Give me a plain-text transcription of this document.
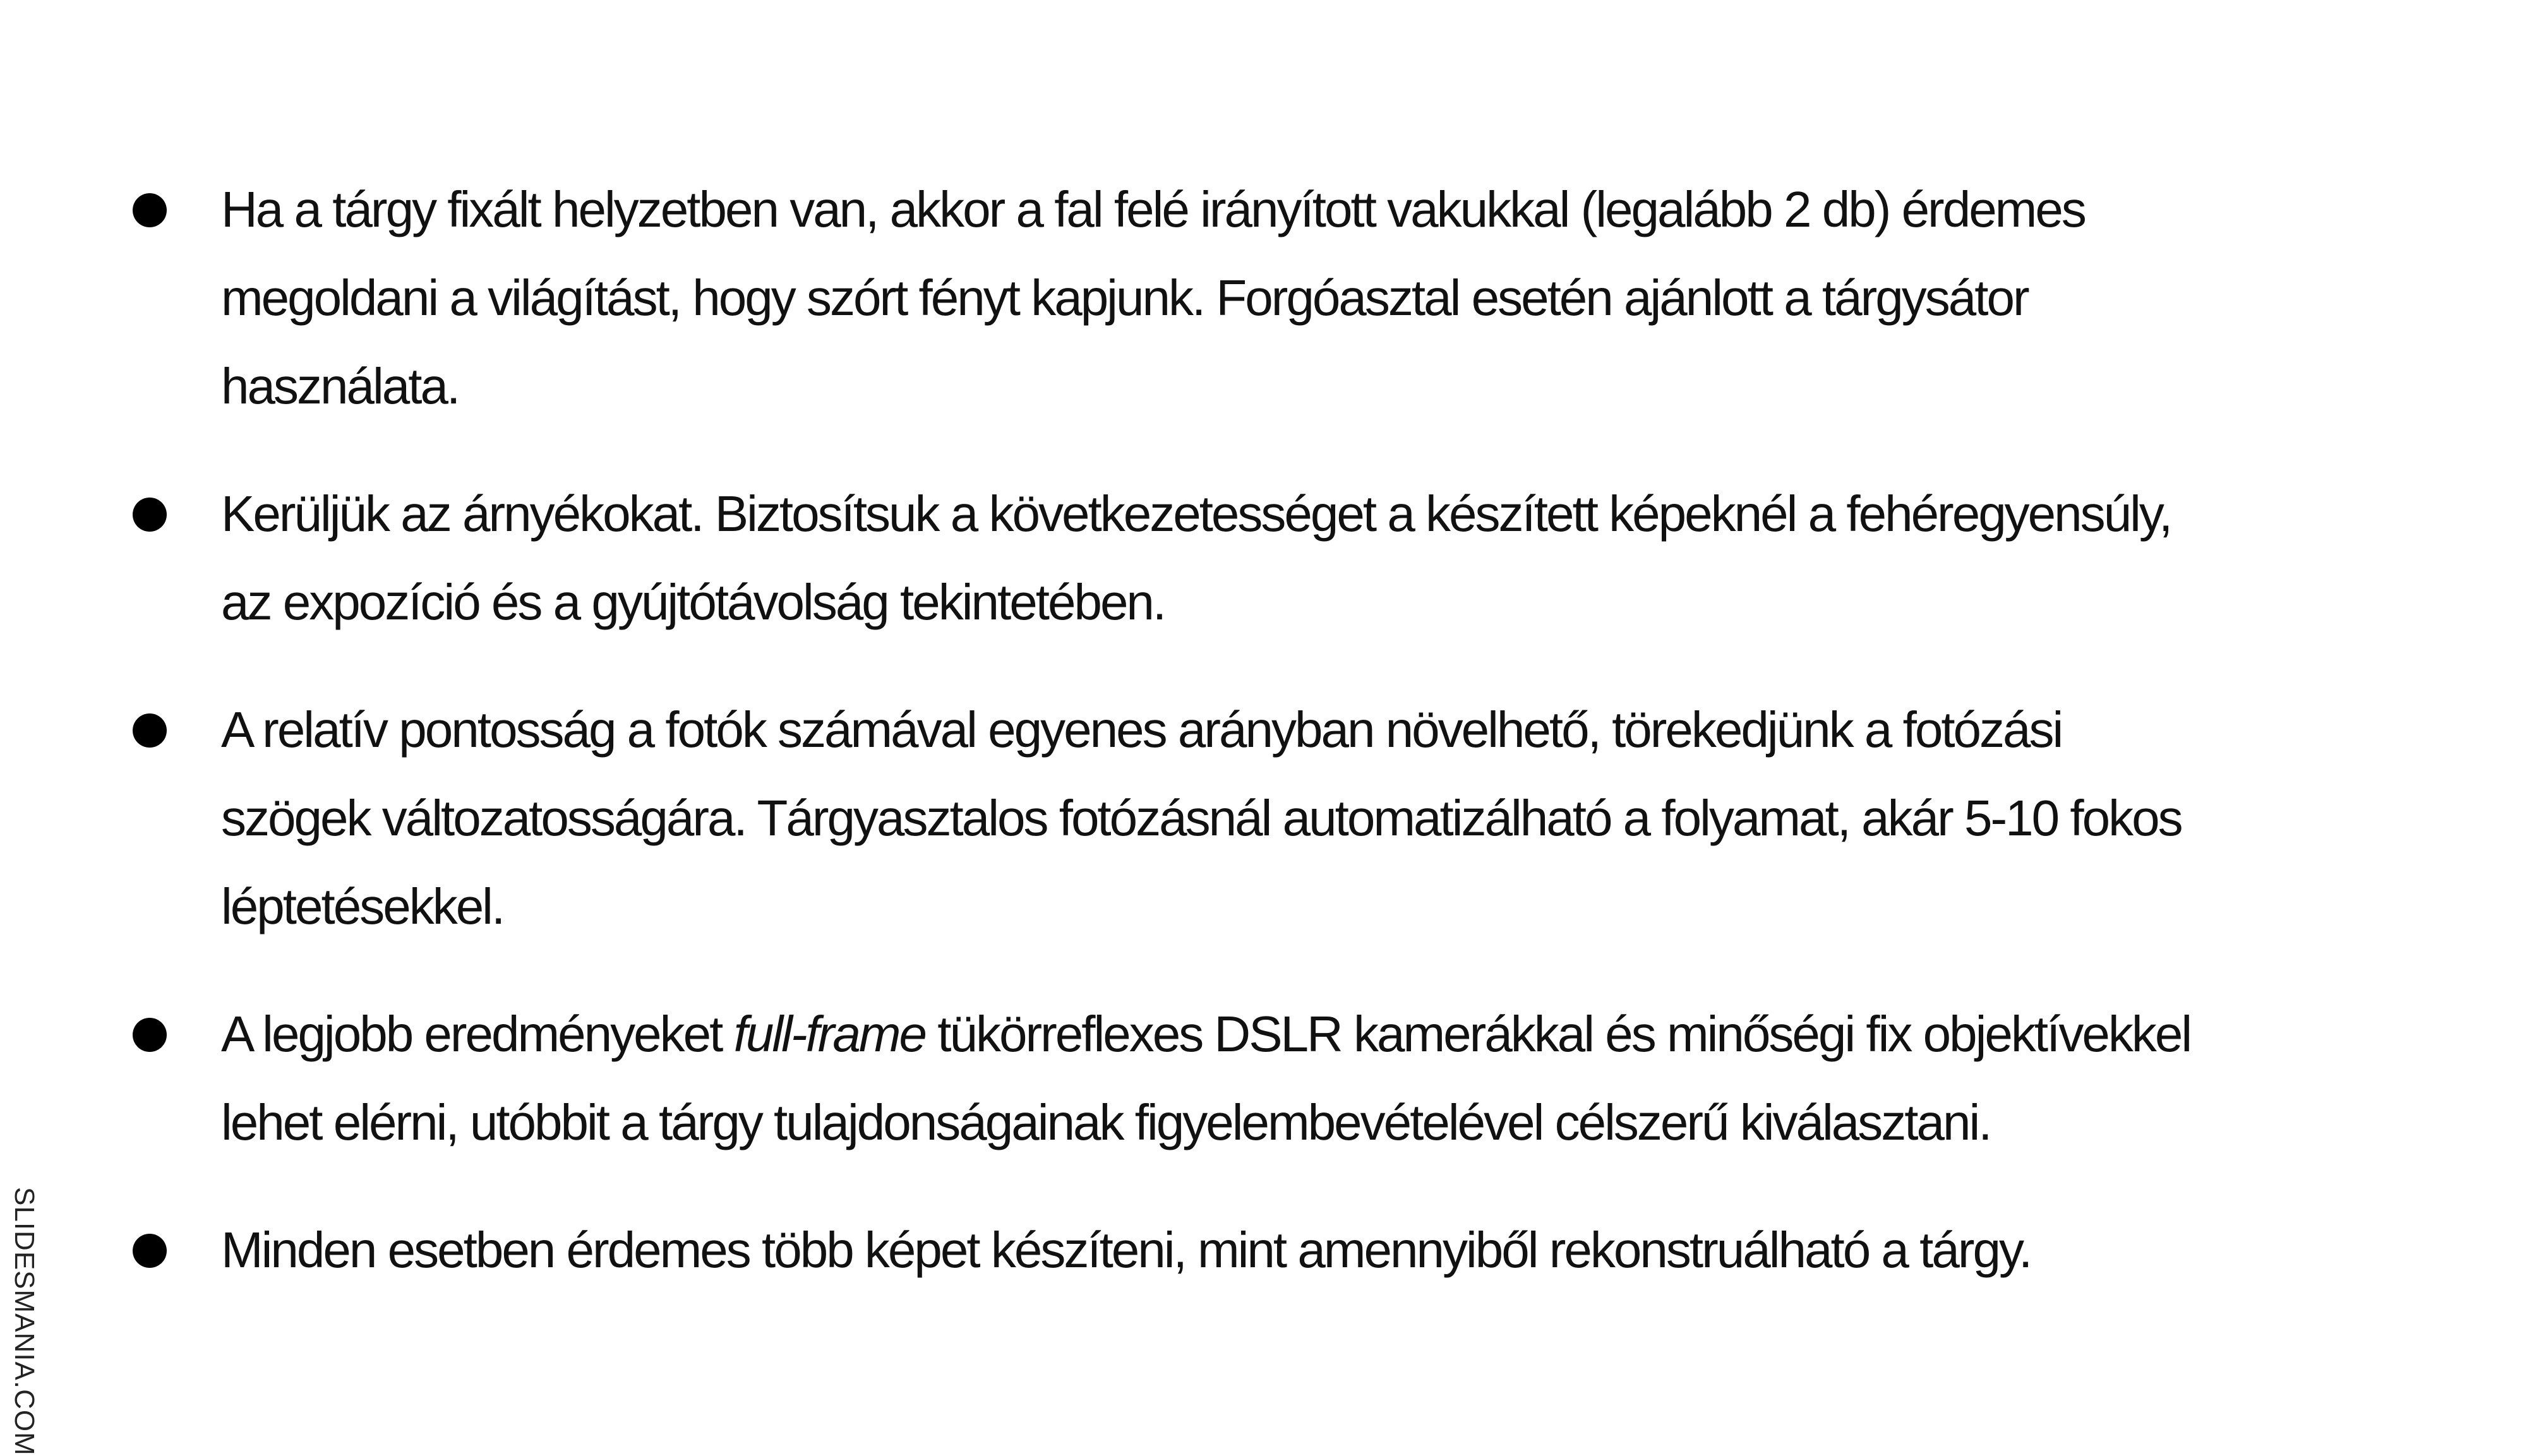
Ha a tárgy fixált helyzetben van, akkor a fal felé irányított vakukkal (legalább 2 db) érdemes megoldani a világítást, hogy szórt fényt kapjunk. Forgóasztal esetén ajánlott a tárgysátor használata.
Kerüljük az árnyékokat. Biztosítsuk a következetességet a készített képeknél a fehéregyensúly, az expozíció és a gyújtótávolság tekintetében.
A relatív pontosság a fotók számával egyenes arányban növelhető, törekedjünk a fotózási szögek változatosságára. Tárgyasztalos fotózásnál automatizálható a folyamat, akár 5-10 fokos léptetésekkel.
A legjobb eredményeket full-frame tükörreflexes DSLR kamerákkal és minőségi fix objektívekkel lehet elérni, utóbbit a tárgy tulajdonságainak figyelembevételével célszerű kiválasztani.
Minden esetben érdemes több képet készíteni, mint amennyiből rekonstruálható a tárgy.
SLIDESMANIA.COM
